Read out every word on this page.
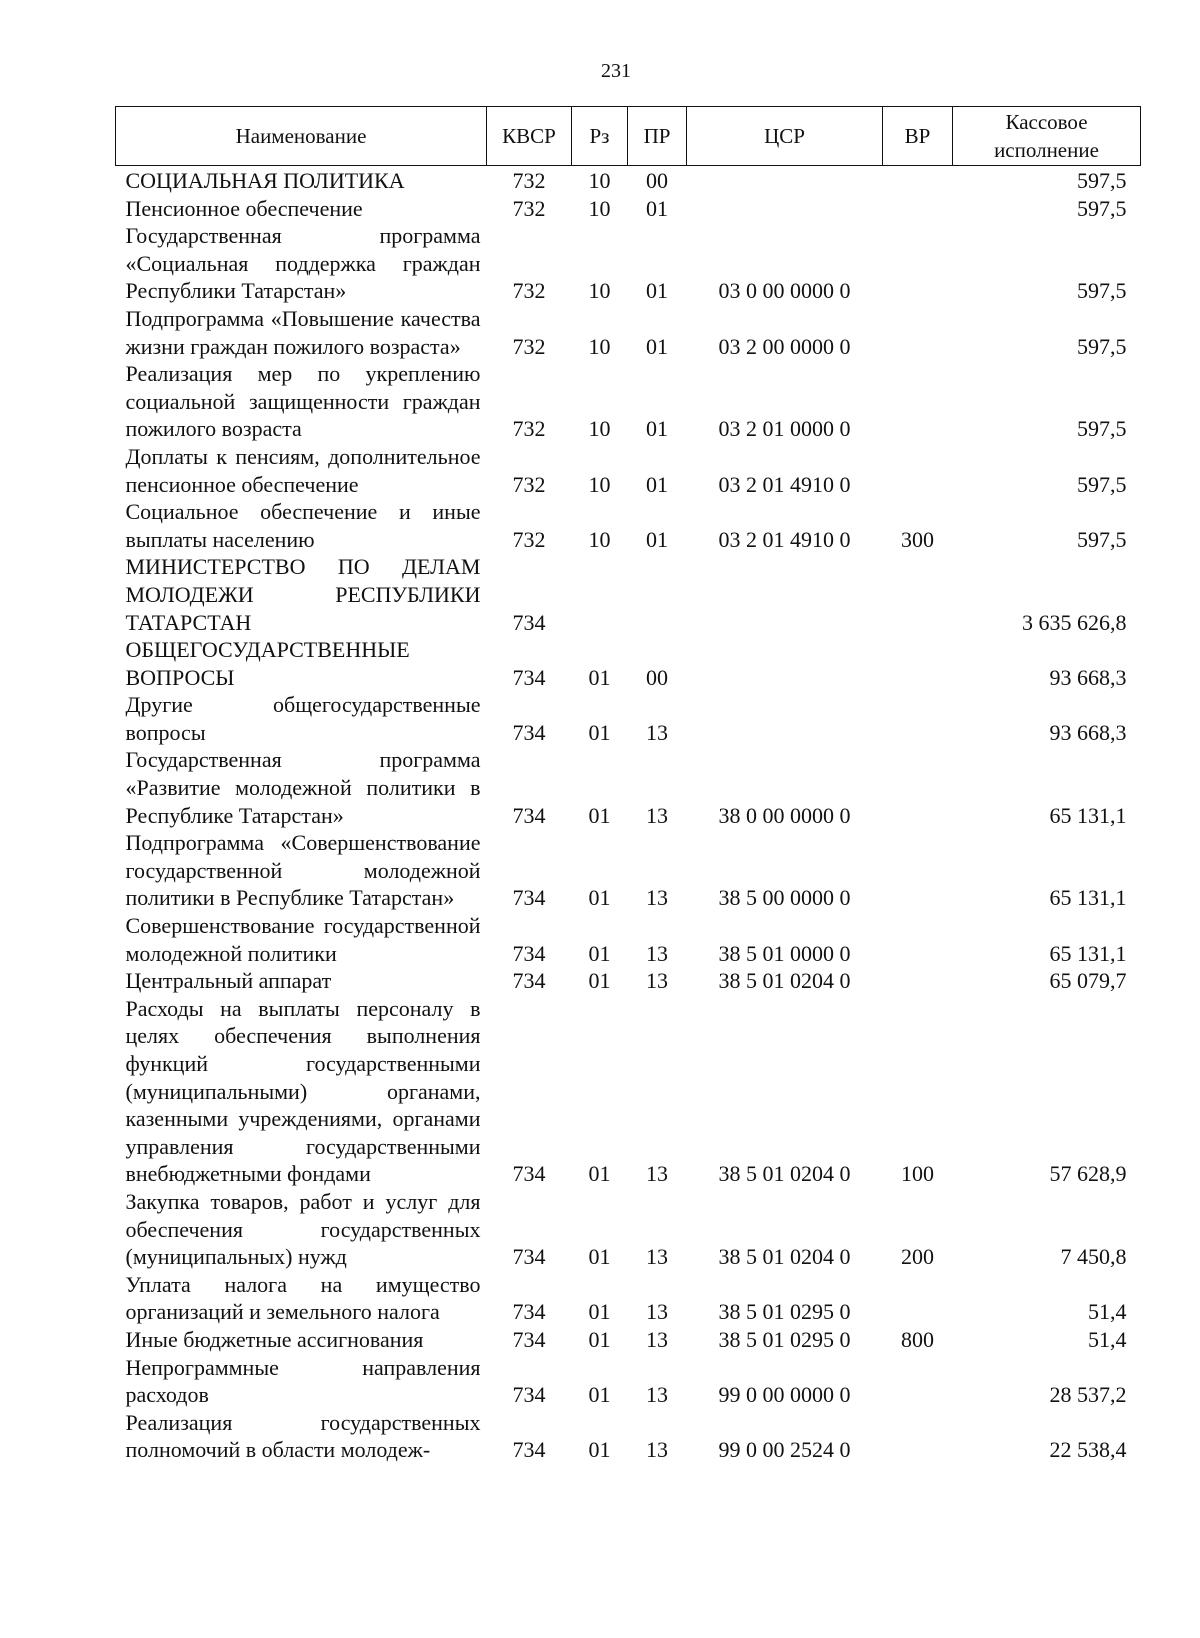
231
Наименование	КВСР	Рз	ПР	ЦСР	ВР	Кассовое исполнение
СОЦИАЛЬНАЯ ПОЛИТИКА	732	10	00			597,5
Пенсионное обеспечение	732	10	01			597,5
Государственная программа «Социальная поддержка граждан Республики Татарстан»	732	10	01	03 0 00 0000 0		597,5
Подпрограмма «Повышение качества жизни граждан пожилого возраста»	732	10	01	03 2 00 0000 0		597,5
Реализация мер по укреплению социальной защищенности граждан пожилого возраста	732	10	01	03 2 01 0000 0		597,5
Доплаты к пенсиям, дополнительное пенсионное обеспечение	732	10	01	03 2 01 4910 0		597,5
Социальное обеспечение и иные выплаты населению	732	10	01	03 2 01 4910 0	300	597,5
МИНИСТЕРСТВО ПО ДЕЛАМ МОЛОДЕЖИ РЕСПУБЛИКИ ТАТАРСТАН	734					3 635 626,8
ОБЩЕГОСУДАРСТВЕННЫЕ ВОПРОСЫ	734	01	00			93 668,3
Другие общегосударственные вопросы	734	01	13			93 668,3
Государственная программа «Развитие молодежной политики в Республике Татарстан»	734	01	13	38 0 00 0000 0		65 131,1
Подпрограмма «Совершенствование государственной молодежной политики в Республике Татарстан»	734	01	13	38 5 00 0000 0		65 131,1
Совершенствование государственной молодежной политики	734	01	13	38 5 01 0000 0		65 131,1
Центральный аппарат	734	01	13	38 5 01 0204 0		65 079,7
Расходы на выплаты персоналу в целях обеспечения выполнения функций государственными (муниципальными) органами, казенными учреждениями, органами управления государственными внебюджетными фондами	734	01	13	38 5 01 0204 0	100	57 628,9
Закупка товаров, работ и услуг для обеспечения государственных (муниципальных) нужд	734	01	13	38 5 01 0204 0	200	7 450,8
Уплата налога на имущество организаций и земельного налога	734	01	13	38 5 01 0295 0		51,4
Иные бюджетные ассигнования	734	01	13	38 5 01 0295 0	800	51,4
Непрограммные направления расходов	734	01	13	99 0 00 0000 0		28 537,2
Реализация государственных полномочий в области молодеж-	734	01	13	99 0 00 2524 0		22 538,4
